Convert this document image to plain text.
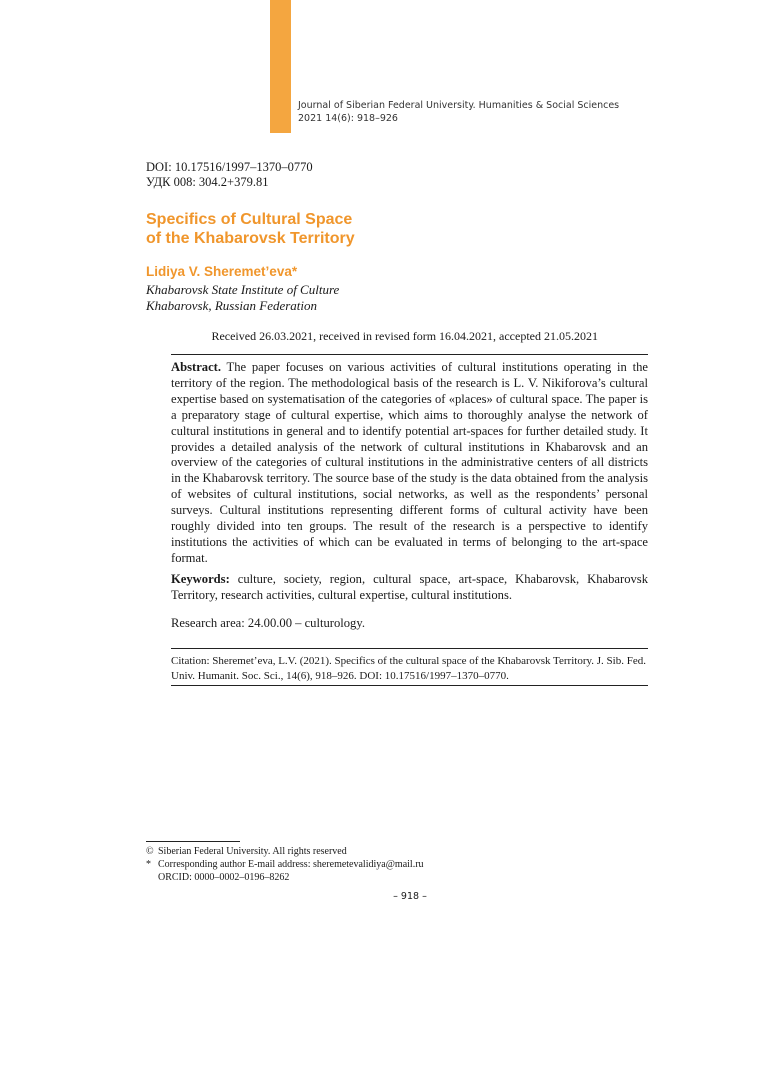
Journal of Siberian Federal University. Humanities & Social Sciences
2021 14(6): 918–926
DOI: 10.17516/1997–1370–0770
УДК 008: 304.2+379.81
Specifics of Cultural Space
of the Khabarovsk Territory
Lidiya V. Sheremet’eva*
Khabarovsk State Institute of Culture
Khabarovsk, Russian Federation
Received 26.03.2021, received in revised form 16.04.2021, accepted 21.05.2021
Abstract. The paper focuses on various activities of cultural institutions operating in the territory of the region. The methodological basis of the research is L. V. Nikiforova’s cultural expertise based on systematisation of the categories of «places» of cultural space. The paper is a preparatory stage of cultural expertise, which aims to thoroughly analyse the network of cultural institutions in general and to identify potential art-spaces for further detailed study. It provides a detailed analysis of the network of cultural institutions in Khabarovsk and an overview of the categories of cultural institutions in the administrative centers of all districts in the Khabarovsk territory. The source base of the study is the data obtained from the analysis of websites of cultural institutions, social networks, as well as the respondents’ personal surveys. Cultural institutions representing different forms of cultural activity have been roughly divided into ten groups. The result of the research is a perspective to identify institutions the activities of which can be evaluated in terms of belonging to the art-space format.
Keywords: culture, society, region, cultural space, art-space, Khabarovsk, Khabarovsk Territory, research activities, cultural expertise, cultural institutions.
Research area: 24.00.00 – culturology.
Citation: Sheremet’eva, L.V. (2021). Specifics of the cultural space of the Khabarovsk Territory. J. Sib. Fed. Univ. Humanit. Soc. Sci., 14(6), 918–926. DOI: 10.17516/1997–1370–0770.
© Siberian Federal University. All rights reserved
* Corresponding author E-mail address: sheremetevalidiya@mail.ru
ORCID: 0000–0002–0196–8262
– 918 –
